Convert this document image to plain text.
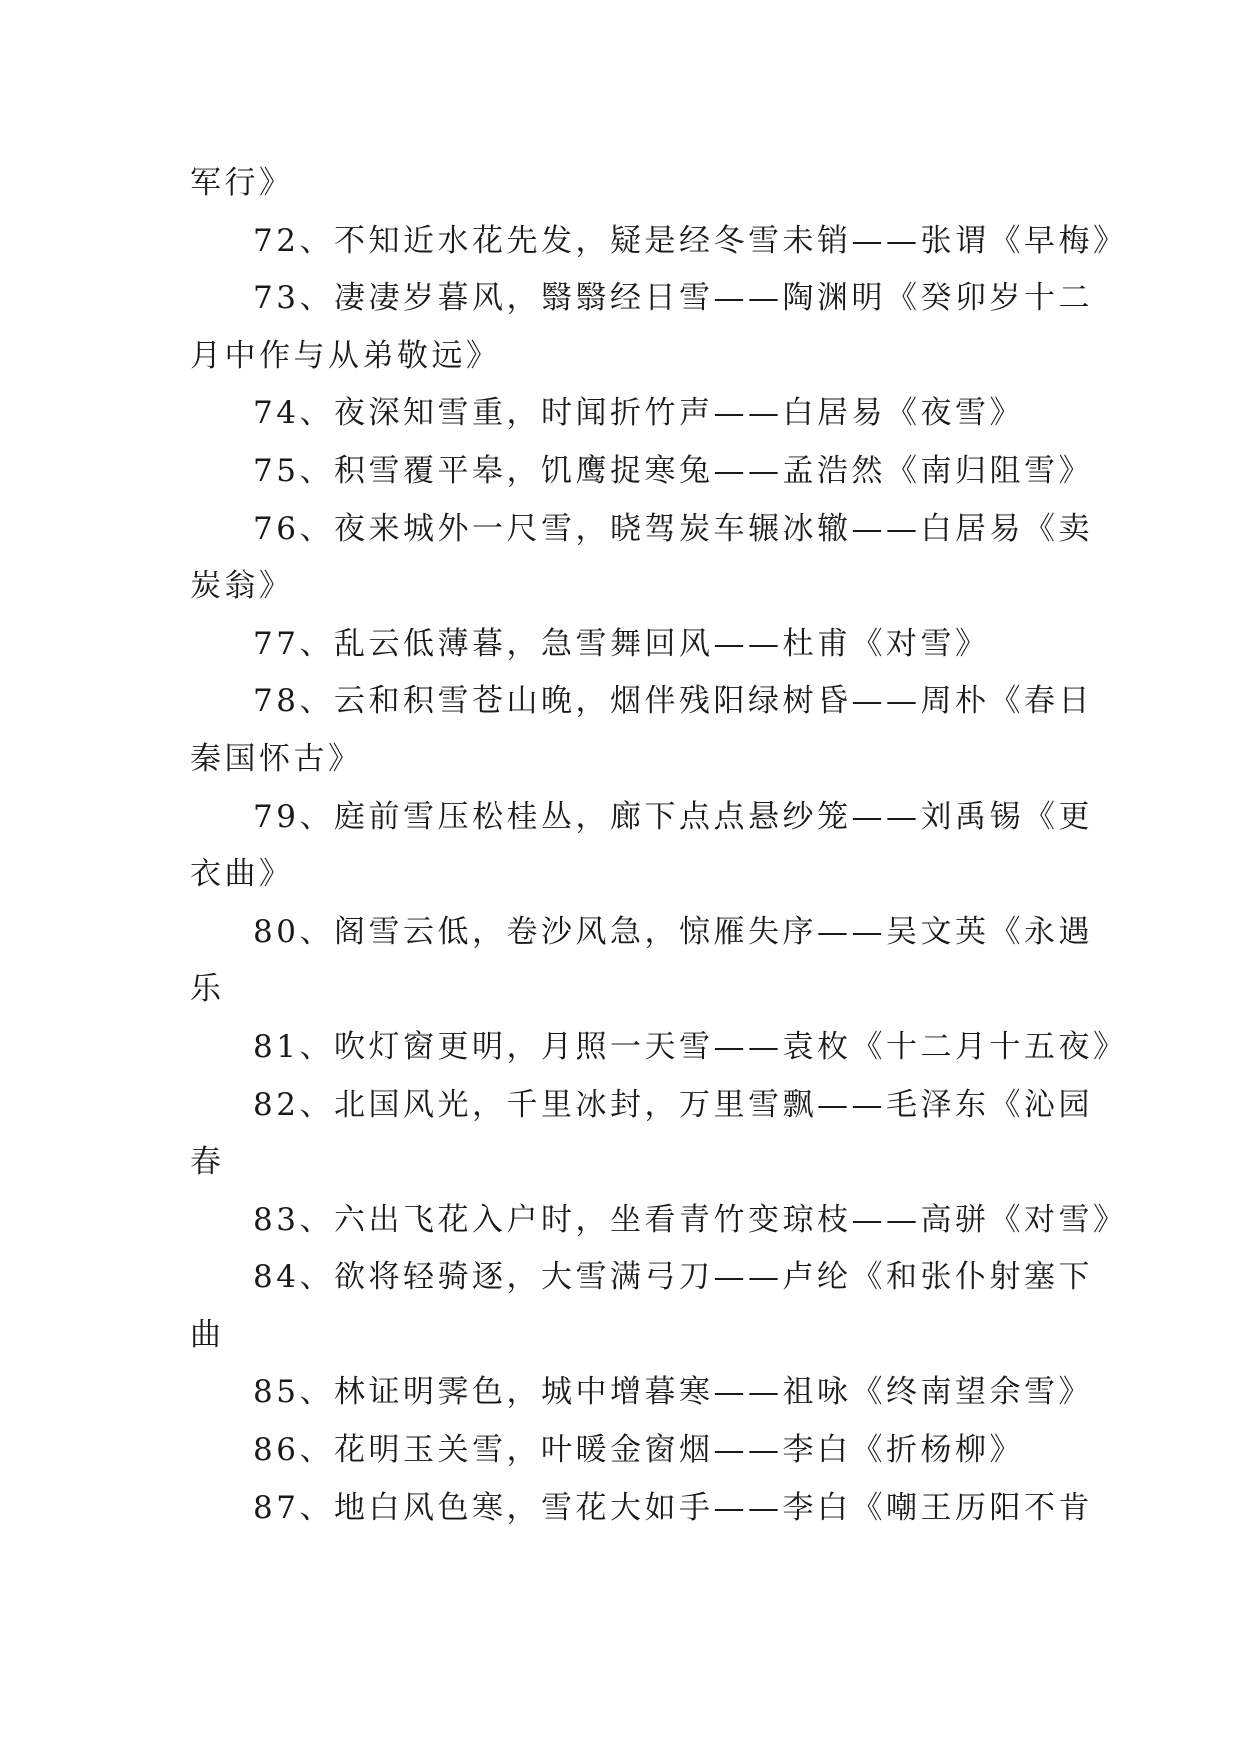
军行》
72、不知近水花先发，疑是经冬雪未销——张谓《早梅》
73、凄凄岁暮风，翳翳经日雪——陶渊明《癸卯岁十二
月中作与从弟敬远》
74、夜深知雪重，时闻折竹声——白居易《夜雪》
75、积雪覆平皋，饥鹰捉寒兔——孟浩然《南归阻雪》
76、夜来城外一尺雪，晓驾炭车辗冰辙——白居易《卖
炭翁》
77、乱云低薄暮，急雪舞回风——杜甫《对雪》
78、云和积雪苍山晚，烟伴残阳绿树昏——周朴《春日
秦国怀古》
79、庭前雪压松桂丛，廊下点点悬纱笼——刘禹锡《更
衣曲》
80、阁雪云低，卷沙风急，惊雁失序——吴文英《永遇
乐
81、吹灯窗更明，月照一天雪——袁枚《十二月十五夜》
82、北国风光，千里冰封，万里雪飘——毛泽东《沁园
春
83、六出飞花入户时，坐看青竹变琼枝——高骈《对雪》
84、欲将轻骑逐，大雪满弓刀——卢纶《和张仆射塞下
曲
85、林证明霁色，城中增暮寒——祖咏《终南望余雪》
86、花明玉关雪，叶暖金窗烟——李白《折杨柳》
87、地白风色寒，雪花大如手——李白《嘲王历阳不肯
